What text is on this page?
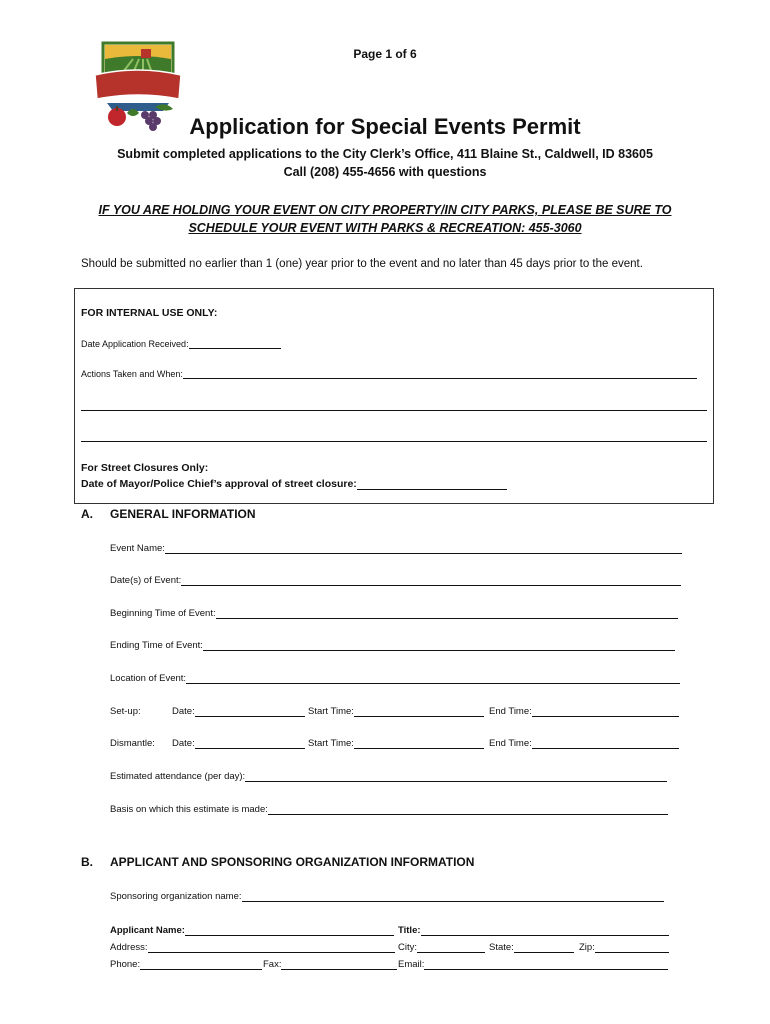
Page 1 of 6
Application for Special Events Permit
Submit completed applications to the City Clerk’s Office, 411 Blaine St., Caldwell, ID 83605
Call (208) 455-4656 with questions
IF YOU ARE HOLDING YOUR EVENT ON CITY PROPERTY/IN CITY PARKS, PLEASE BE SURE TO
SCHEDULE YOUR EVENT WITH PARKS & RECREATION: 455-3060
Should be submitted no earlier than 1 (one) year prior to the event and no later than 45 days prior to the event.
FOR INTERNAL USE ONLY:
Date Application Received:
Actions Taken and When:
For Street Closures Only:
Date of Mayor/Police Chief’s approval of street closure:
A. GENERAL INFORMATION
Event Name:
Date(s) of Event:
Beginning Time of Event:
Ending Time of Event:
Location of Event:
Set-up:	Date:	Start Time:	End Time:
Dismantle: Date:	Start Time:	End Time:
Estimated attendance (per day):
Basis on which this estimate is made:
B. APPLICANT AND SPONSORING ORGANIZATION INFORMATION
Sponsoring organization name:
Applicant Name:	Title:
Address:	City:	State:	Zip:
Phone:	Fax:	Email:
